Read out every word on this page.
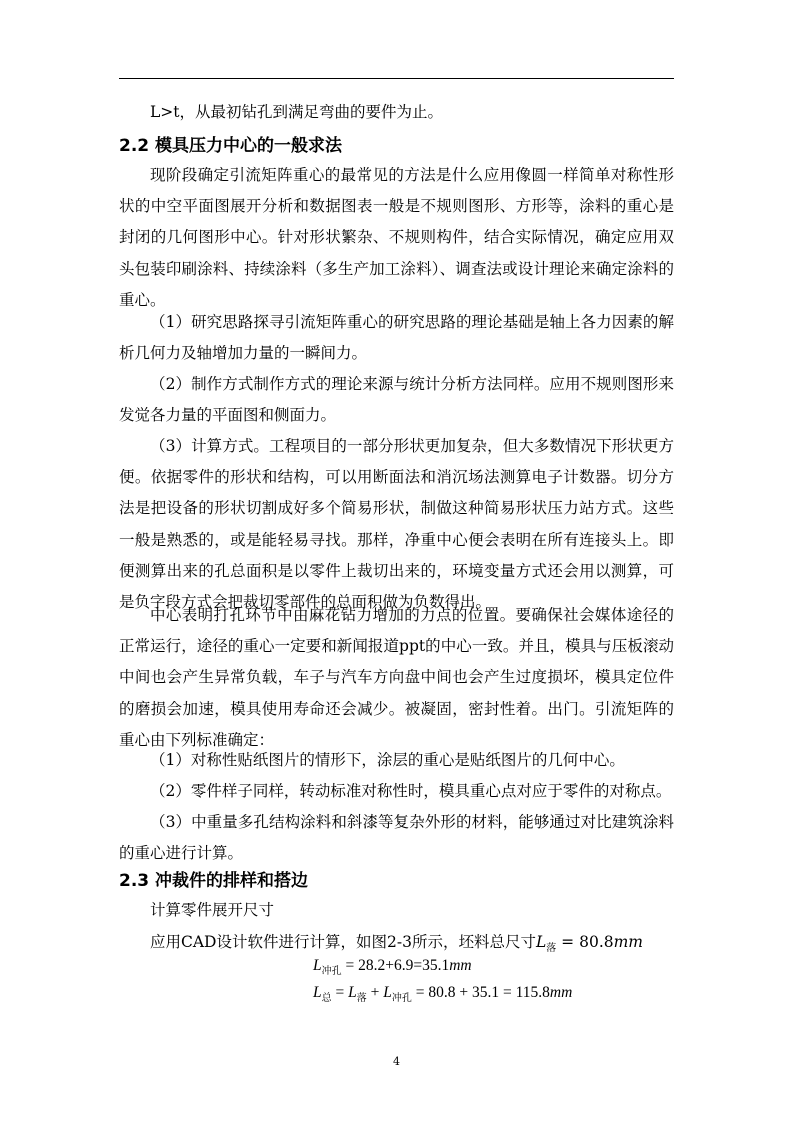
L>t，从最初钻孔到满足弯曲的要件为止。

2.2 模具压力中心的一般求法

现阶段确定引流矩阵重心的最常见的方法是什么应用像圆一样简单对称性形状的中空平面图展开分析和数据图表一般是不规则图形、方形等，涂料的重心是封闭的几何图形中心。针对形状繁杂、不规则构件，结合实际情况，确定应用双头包装印刷涂料、持续涂料（多生产加工涂料）、调查法或设计理论来确定涂料的重心。

（1）研究思路探寻引流矩阵重心的研究思路的理论基础是轴上各力因素的解析几何力及轴增加力量的一瞬间力。

（2）制作方式制作方式的理论来源与统计分析方法同样。应用不规则图形来发觉各力量的平面图和侧面力。

（3）计算方式。工程项目的一部分形状更加复杂，但大多数情况下形状更方便。依据零件的形状和结构，可以用断面法和消沉场法测算电子计数器。切分方法是把设备的形状切割成好多个简易形状，制做这种简易形状压力站方式。这些一般是熟悉的，或是能轻易寻找。那样，净重中心便会表明在所有连接头上。即便测算出来的孔总面积是以零件上裁切出来的，环境变量方式还会用以测算，可是负字段方式会把裁切零部件的总面积做为负数得出。

中心表明打孔环节中由麻花钻力增加的力点的位置。要确保社会媒体途径的正常运行，途径的重心一定要和新闻报道ppt的中心一致。并且，模具与压板滚动中间也会产生异常负载，车子与汽车方向盘中间也会产生过度损坏，模具定位件的磨损会加速，模具使用寿命还会减少。被凝固，密封性着。出门。引流矩阵的重心由下列标准确定：

（1）对称性贴纸图片的情形下，涂层的重心是贴纸图片的几何中心。

（2）零件样子同样，转动标准对称性时，模具重心点对应于零件的对称点。

（3）中重量多孔结构涂料和斜漆等复杂外形的材料，能够通过对比建筑涂料的重心进行计算。

2.3 冲裁件的排样和搭边

计算零件展开尺寸

应用CAD设计软件进行计算，如图2-3所示，坯料总尺寸$L_落 = 80.8mm$

$L_{冲孔} = 28.2+6.9=35.1mm$

$L_总 = L_落 + L_{冲孔} = 80.8 + 35.1 = 115.8mm$

4
